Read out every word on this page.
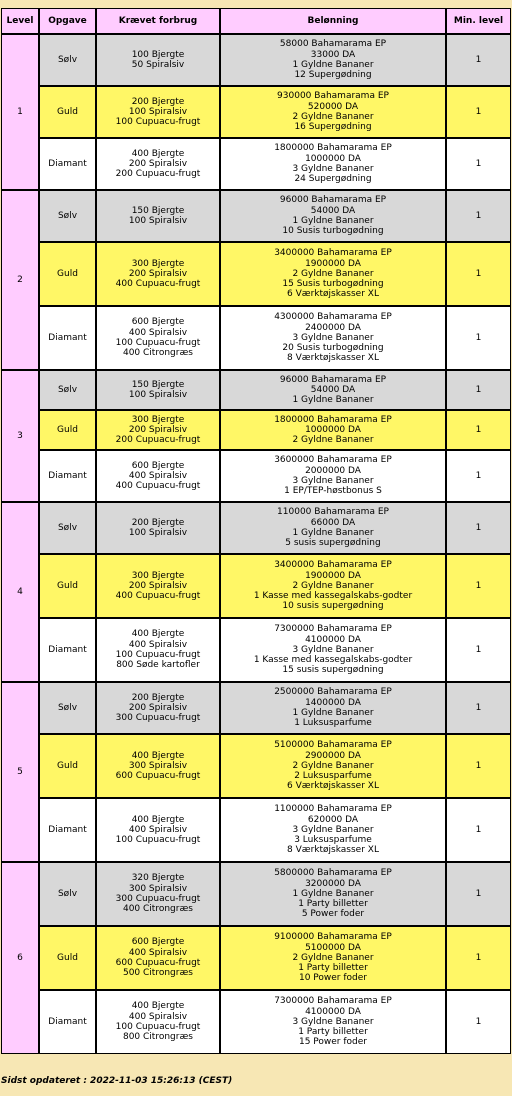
Level	Opgave	Krævet forbrug	Belønning	Min. level
1	Sølv	100 Bjergte
50 Spiralsiv	58000 Bahamarama EP
33000 DA
1 Gyldne Bananer
12 Supergødning	1
	Guld	200 Bjergte
100 Spiralsiv
100 Cupuacu-frugt	930000 Bahamarama EP
520000 DA
2 Gyldne Bananer
16 Supergødning	1
	Diamant	400 Bjergte
200 Spiralsiv
200 Cupuacu-frugt	1800000 Bahamarama EP
1000000 DA
3 Gyldne Bananer
24 Supergødning	1
2	Sølv	150 Bjergte
100 Spiralsiv	96000 Bahamarama EP
54000 DA
1 Gyldne Bananer
10 Susis turbogødning	1
	Guld	300 Bjergte
200 Spiralsiv
400 Cupuacu-frugt	3400000 Bahamarama EP
1900000 DA
2 Gyldne Bananer
15 Susis turbogødning
6 Værktøjskasser XL	1
	Diamant	600 Bjergte
400 Spiralsiv
100 Cupuacu-frugt
400 Citrongræs	4300000 Bahamarama EP
2400000 DA
3 Gyldne Bananer
20 Susis turbogødning
8 Værktøjskasser XL	1
3	Sølv	150 Bjergte
100 Spiralsiv	96000 Bahamarama EP
54000 DA
1 Gyldne Bananer	1
	Guld	300 Bjergte
200 Spiralsiv
200 Cupuacu-frugt	1800000 Bahamarama EP
1000000 DA
2 Gyldne Bananer	1
	Diamant	600 Bjergte
400 Spiralsiv
400 Cupuacu-frugt	3600000 Bahamarama EP
2000000 DA
3 Gyldne Bananer
1 EP/TEP-høstbonus S	1
4	Sølv	200 Bjergte
100 Spiralsiv	110000 Bahamarama EP
66000 DA
1 Gyldne Bananer
5 susis supergødning	1
	Guld	300 Bjergte
200 Spiralsiv
400 Cupuacu-frugt	3400000 Bahamarama EP
1900000 DA
2 Gyldne Bananer
1 Kasse med kassegalskabs-godter
10 susis supergødning	1
	Diamant	400 Bjergte
400 Spiralsiv
100 Cupuacu-frugt
800 Søde kartofler	7300000 Bahamarama EP
4100000 DA
3 Gyldne Bananer
1 Kasse med kassegalskabs-godter
15 susis supergødning	1
5	Sølv	200 Bjergte
200 Spiralsiv
300 Cupuacu-frugt	2500000 Bahamarama EP
1400000 DA
1 Gyldne Bananer
1 Luksusparfume	1
	Guld	400 Bjergte
300 Spiralsiv
600 Cupuacu-frugt	5100000 Bahamarama EP
2900000 DA
2 Gyldne Bananer
2 Luksusparfume
6 Værktøjskasser XL	1
	Diamant	400 Bjergte
400 Spiralsiv
100 Cupuacu-frugt	1100000 Bahamarama EP
620000 DA
3 Gyldne Bananer
3 Luksusparfume
8 Værktøjskasser XL	1
6	Sølv	320 Bjergte
300 Spiralsiv
300 Cupuacu-frugt
400 Citrongræs	5800000 Bahamarama EP
3200000 DA
1 Gyldne Bananer
1 Party billetter
5 Power foder	1
	Guld	600 Bjergte
400 Spiralsiv
600 Cupuacu-frugt
500 Citrongræs	9100000 Bahamarama EP
5100000 DA
2 Gyldne Bananer
1 Party billetter
10 Power foder	1
	Diamant	400 Bjergte
400 Spiralsiv
100 Cupuacu-frugt
800 Citrongræs	7300000 Bahamarama EP
4100000 DA
3 Gyldne Bananer
1 Party billetter
15 Power foder	1
Sidst opdateret : 2022-11-03 15:26:13 (CEST)
